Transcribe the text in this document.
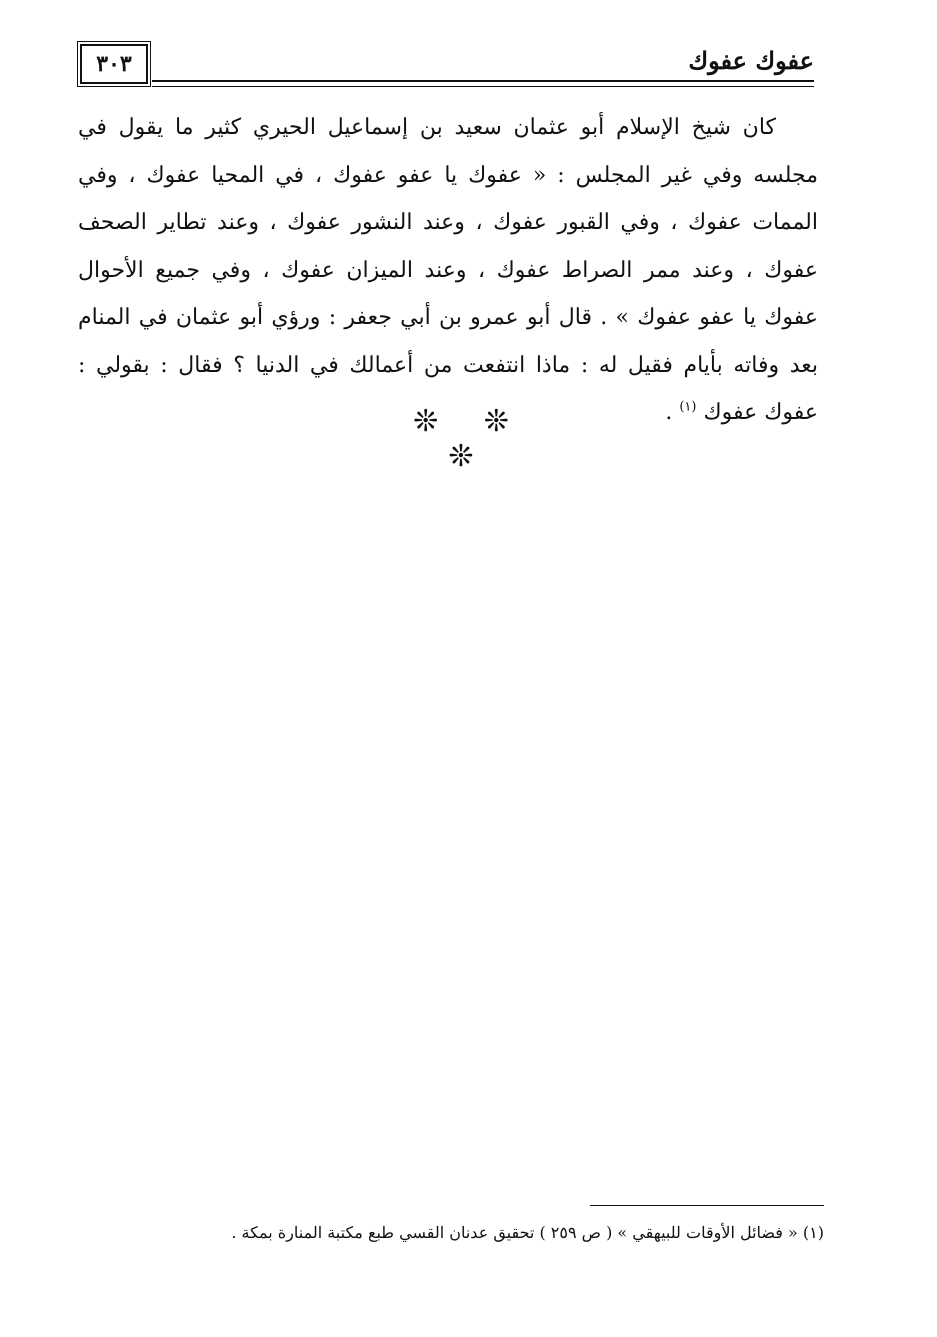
٣٠٣	عفوك عفوك
كان شيخ الإسلام أبو عثمان سعيد بن إسماعيل الحيري كثير ما يقول في مجلسه وفي غير المجلس : « عفوك يا عفو عفوك ، في المحيا عفوك ، وفي الممات عفوك ، وفي القبور عفوك ، وعند النشور عفوك ، وعند تطاير الصحف عفوك ، وعند ممر الصراط عفوك ، وعند الميزان عفوك ، وفي جميع الأحوال عفوك يا عفو عفوك » . قال أبو عمرو بن أبي جعفر : ورؤي أبو عثمان في المنام بعد وفاته بأيام فقيل له : ماذا انتفعت من أعمالك في الدنيا ؟ فقال : بقولي : عفوك عفوك $^{(١)}$ .
❊ ❊ ❊
(١) « فضائل الأوقات للبيهقي » ( ص ٢٥٩ ) تحقيق عدنان القسي طبع مكتبة المنارة بمكة .
